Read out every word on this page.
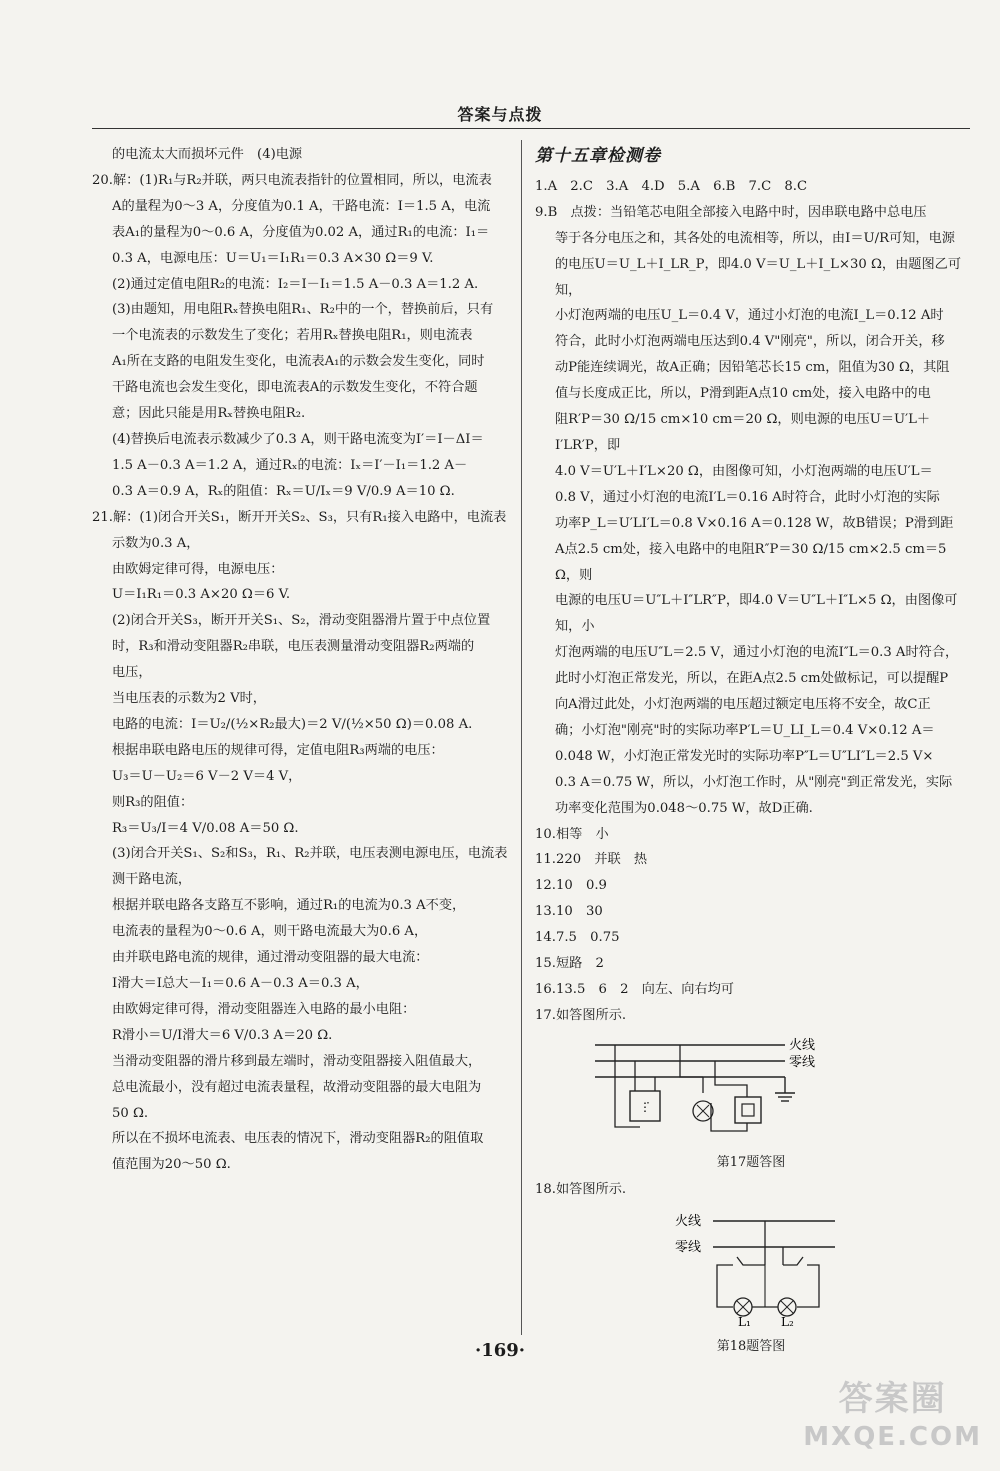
答案与点拨

的电流太大而损坏元件　(4)电源

20.解：(1)R₁与R₂并联，两只电流表指针的位置相同，所以，电流表

A的量程为0～3 A，分度值为0.1 A，干路电流：I＝1.5 A，电流

表A₁的量程为0～0.6 A，分度值为0.02 A，通过R₁的电流：I₁＝

0.3 A，电源电压：U＝U₁＝I₁R₁＝0.3 A×30 Ω＝9 V.

(2)通过定值电阻R₂的电流：I₂＝I－I₁＝1.5 A－0.3 A＝1.2 A.

(3)由题知，用电阻Rₓ替换电阻R₁、R₂中的一个，替换前后，只有

一个电流表的示数发生了变化；若用Rₓ替换电阻R₁，则电流表

A₁所在支路的电阻发生变化，电流表A₁的示数会发生变化，同时

干路电流也会发生变化，即电流表A的示数发生变化，不符合题

意；因此只能是用Rₓ替换电阻R₂.

(4)替换后电流表示数减少了0.3 A，则干路电流变为I′＝I－ΔI＝

1.5 A－0.3 A＝1.2 A，通过Rₓ的电流：Iₓ＝I′－I₁＝1.2 A－

0.3 A＝0.9 A，Rₓ的阻值：Rₓ＝U/Iₓ＝9 V/0.9 A＝10 Ω.

21.解：(1)闭合开关S₁，断开开关S₂、S₃，只有R₁接入电路中，电流表

示数为0.3 A，

由欧姆定律可得，电源电压：

U＝I₁R₁＝0.3 A×20 Ω＝6 V.

(2)闭合开关S₃，断开开关S₁、S₂，滑动变阻器滑片置于中点位置

时，R₃和滑动变阻器R₂串联，电压表测量滑动变阻器R₂两端的

电压，

当电压表的示数为2 V时，

电路的电流：I＝U₂/(½×R₂最大)＝2 V/(½×50 Ω)＝0.08 A.

根据串联电路电压的规律可得，定值电阻R₃两端的电压：

U₃＝U－U₂＝6 V－2 V＝4 V，

则R₃的阻值：

R₃＝U₃/I＝4 V/0.08 A＝50 Ω.

(3)闭合开关S₁、S₂和S₃，R₁、R₂并联，电压表测电源电压，电流表

测干路电流，

根据并联电路各支路互不影响，通过R₁的电流为0.3 A不变，

电流表的量程为0～0.6 A，则干路电流最大为0.6 A，

由并联电路电流的规律，通过滑动变阻器的最大电流：

I滑大＝I总大－I₁＝0.6 A－0.3 A＝0.3 A，

由欧姆定律可得，滑动变阻器连入电路的最小电阻：

R滑小＝U/I滑大＝6 V/0.3 A＝20 Ω.

当滑动变阻器的滑片移到最左端时，滑动变阻器接入阻值最大，

总电流最小，没有超过电流表量程，故滑动变阻器的最大电阻为

50 Ω.

所以在不损坏电流表、电压表的情况下，滑动变阻器R₂的阻值取

值范围为20～50 Ω.

第十五章检测卷

1.A　2.C　3.A　4.D　5.A　6.B　7.C　8.C

9.B　点拨：当铅笔芯电阻全部接入电路中时，因串联电路中总电压

等于各分电压之和，其各处的电流相等，所以，由I＝U/R可知，电源

的电压U＝U_L＋I_LR_P，即4.0 V＝U_L＋I_L×30 Ω，由题图乙可知，

小灯泡两端的电压U_L＝0.4 V，通过小灯泡的电流I_L＝0.12 A时

符合，此时小灯泡两端电压达到0.4 V"刚亮"，所以，闭合开关，移

动P能连续调光，故A正确；因铅笔芯长15 cm，阻值为30 Ω，其阻

值与长度成正比，所以，P滑到距A点10 cm处，接入电路中的电

阻R′P＝30 Ω/15 cm×10 cm＝20 Ω，则电源的电压U＝U′L＋I′LR′P，即

4.0 V＝U′L＋I′L×20 Ω，由图像可知，小灯泡两端的电压U′L＝

0.8 V，通过小灯泡的电流I′L＝0.16 A时符合，此时小灯泡的实际

功率P_L＝U′LI′L＝0.8 V×0.16 A＝0.128 W，故B错误；P滑到距

A点2.5 cm处，接入电路中的电阻R″P＝30 Ω/15 cm×2.5 cm＝5 Ω，则

电源的电压U＝U″L＋I″LR″P，即4.0 V＝U″L＋I″L×5 Ω，由图像可知，小

灯泡两端的电压U″L＝2.5 V，通过小灯泡的电流I″L＝0.3 A时符合，

此时小灯泡正常发光，所以，在距A点2.5 cm处做标记，可以提醒P

向A滑过此处，小灯泡两端的电压超过额定电压将不安全，故C正

确；小灯泡"刚亮"时的实际功率P′L＝U_LI_L＝0.4 V×0.12 A＝

0.048 W，小灯泡正常发光时的实际功率P″L＝U″LI″L＝2.5 V×

0.3 A＝0.75 W，所以，小灯泡工作时，从"刚亮"到正常发光，实际

功率变化范围为0.048～0.75 W，故D正确.

10.相等　小

11.220　并联　热

12.10　0.9

13.10　30

14.7.5　0.75

15.短路　2

16.13.5　6　2　向左、向右均可

17.如答图所示.

火线
零线
⋮̇
第17题答图

18.如答图所示.

火线
零线
L₁	L₂
第18题答图
·169·
答案圈
MXQE.COM
